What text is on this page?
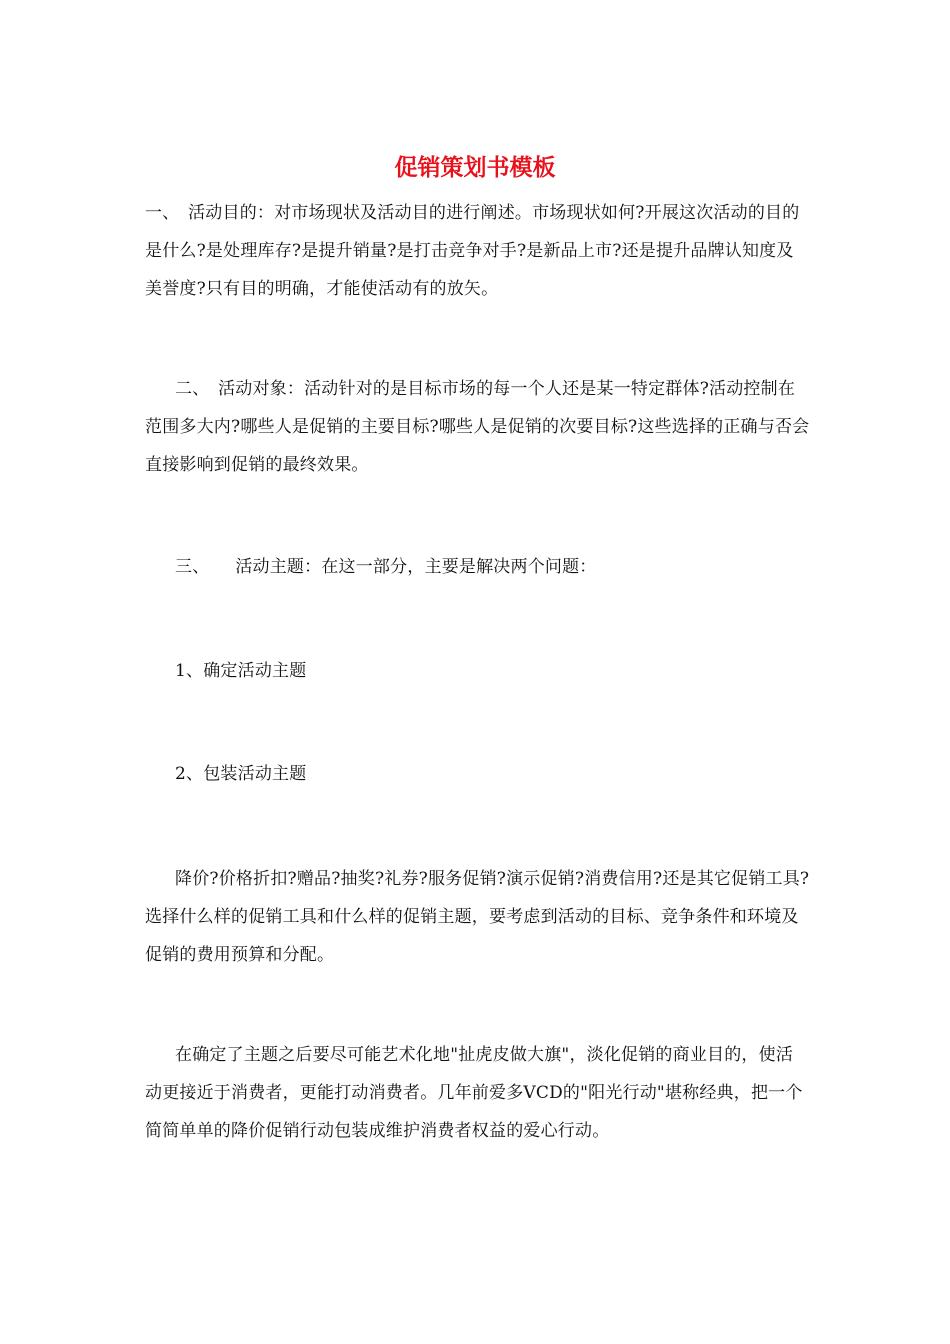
促销策划书模板

一、　活动目的：对市场现状及活动目的进行阐述。市场现状如何?开展这次活动的目的是什么?是处理库存?是提升销量?是打击竞争对手?是新品上市?还是提升品牌认知度及美誉度?只有目的明确，才能使活动有的放矢。

二、　活动对象：活动针对的是目标市场的每一个人还是某一特定群体?活动控制在范围多大内?哪些人是促销的主要目标?哪些人是促销的次要目标?这些选择的正确与否会直接影响到促销的最终效果。

三、　　活动主题：在这一部分，主要是解决两个问题：

1、确定活动主题

2、包装活动主题

降价?价格折扣?赠品?抽奖?礼券?服务促销?演示促销?消费信用?还是其它促销工具?选择什么样的促销工具和什么样的促销主题，要考虑到活动的目标、竞争条件和环境及促销的费用预算和分配。

在确定了主题之后要尽可能艺术化地"扯虎皮做大旗"，淡化促销的商业目的，使活动更接近于消费者，更能打动消费者。几年前爱多VCD的"阳光行动"堪称经典，把一个简简单单的降价促销行动包装成维护消费者权益的爱心行动。
